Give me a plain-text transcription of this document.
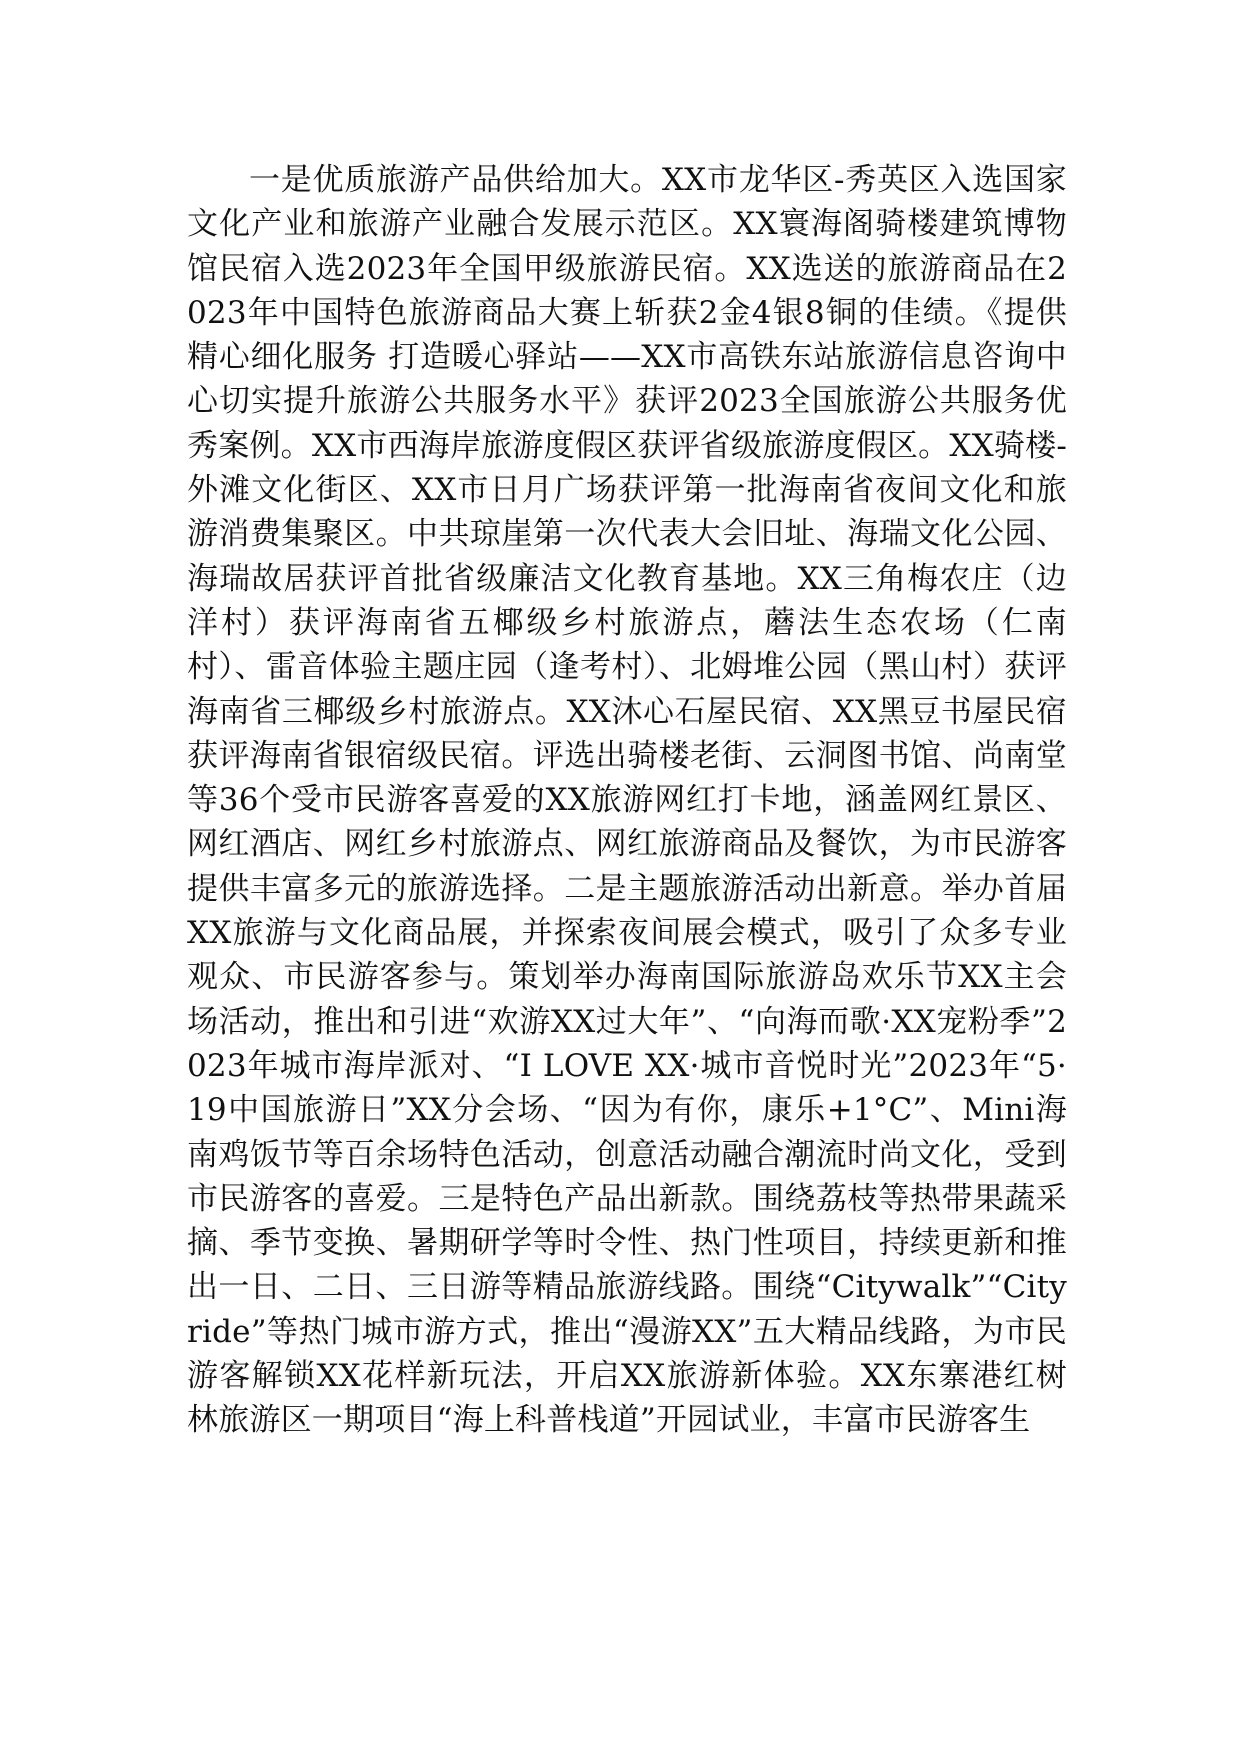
一是优质旅游产品供给加大。XX市龙华区-秀英区入选国家文化产业和旅游产业融合发展示范区。XX寰海阁骑楼建筑博物馆民宿入选2023年全国甲级旅游民宿。XX选送的旅游商品在2023年中国特色旅游商品大赛上斩获2金4银8铜的佳绩。《提供精心细化服务 打造暖心驿站——XX市高铁东站旅游信息咨询中心切实提升旅游公共服务水平》获评2023全国旅游公共服务优秀案例。XX市西海岸旅游度假区获评省级旅游度假区。XX骑楼-外滩文化街区、XX市日月广场获评第一批海南省夜间文化和旅游消费集聚区。中共琼崖第一次代表大会旧址、海瑞文化公园、海瑞故居获评首批省级廉洁文化教育基地。XX三角梅农庄（边洋村）获评海南省五椰级乡村旅游点，蘑法生态农场（仁南村）、雷音体验主题庄园（逢考村）、北姆堆公园（黑山村）获评海南省三椰级乡村旅游点。XX沐心石屋民宿、XX黑豆书屋民宿获评海南省银宿级民宿。评选出骑楼老街、云洞图书馆、尚南堂等36个受市民游客喜爱的XX旅游网红打卡地，涵盖网红景区、网红酒店、网红乡村旅游点、网红旅游商品及餐饮，为市民游客提供丰富多元的旅游选择。二是主题旅游活动出新意。举办首届XX旅游与文化商品展，并探索夜间展会模式，吸引了众多专业观众、市民游客参与。策划举办海南国际旅游岛欢乐节XX主会场活动，推出和引进“欢游XX过大年”、“向海而歌·XX宠粉季”2023年城市海岸派对、“I LOVE XX·城市音悦时光”2023年“5·19中国旅游日”XX分会场、“因为有你，康乐+1°C”、Mini海南鸡饭节等百余场特色活动，创意活动融合潮流时尚文化，受到市民游客的喜爱。三是特色产品出新款。围绕荔枝等热带果蔬采摘、季节变换、暑期研学等时令性、热门性项目，持续更新和推出一日、二日、三日游等精品旅游线路。围绕“Citywalk”“Cityride”等热门城市游方式，推出“漫游XX”五大精品线路，为市民游客解锁XX花样新玩法，开启XX旅游新体验。XX东寨港红树林旅游区一期项目“海上科普栈道”开园试业，丰富市民游客生
